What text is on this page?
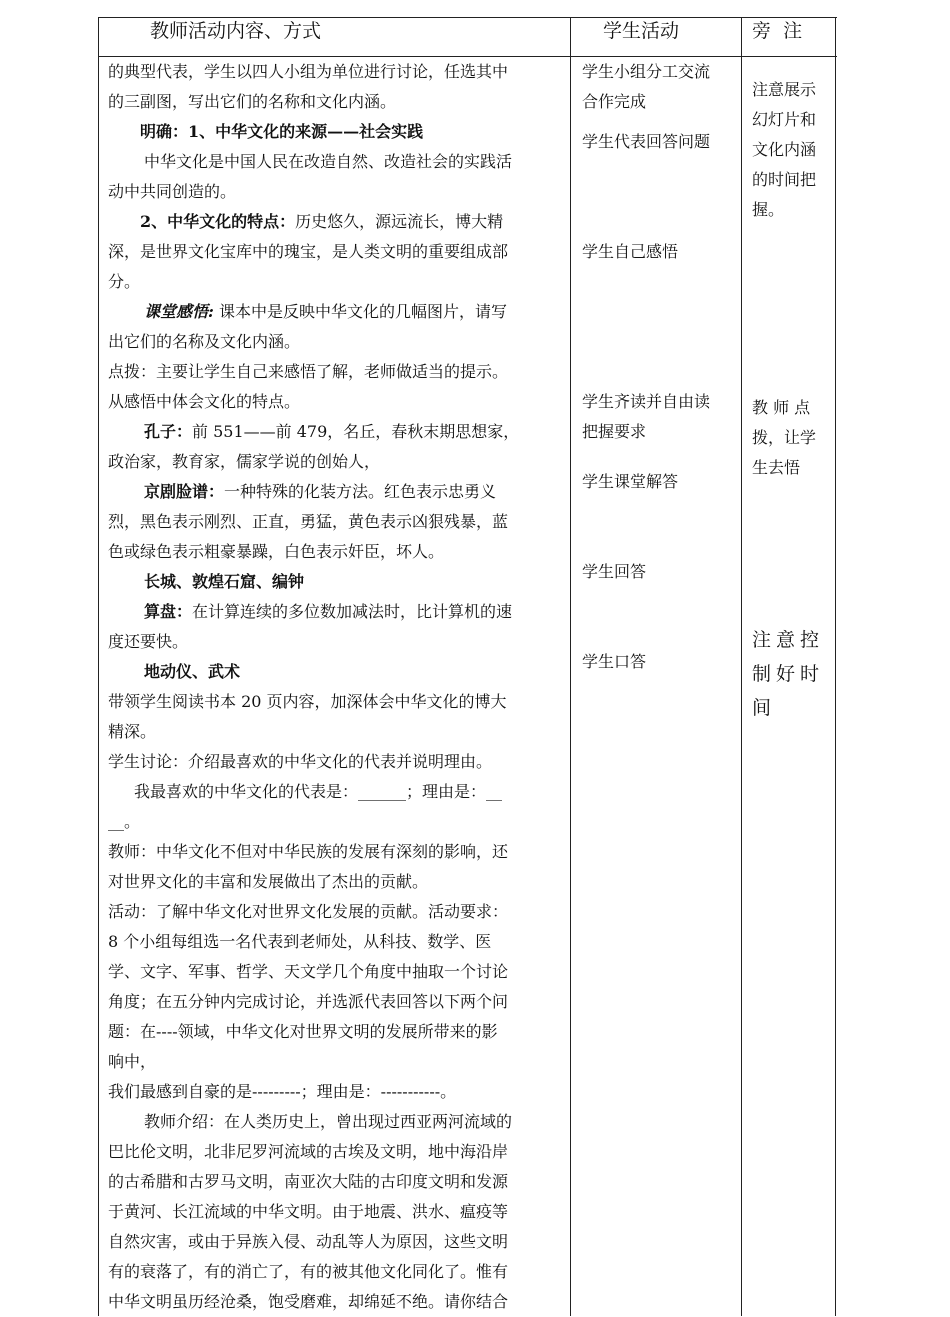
教师活动内容、方式	学生活动	旁  注

的典型代表，学生以四人小组为单位进行讨论，任选其中

的三副图，写出它们的名称和文化内涵。

明确：1、中华文化的来源——社会实践

中华文化是中国人民在改造自然、改造社会的实践活

动中共同创造的。

2、中华文化的特点：历史悠久，源远流长，博大精

深，是世界文化宝库中的瑰宝，是人类文明的重要组成部

分。

课堂感悟: 课本中是反映中华文化的几幅图片，请写

出它们的名称及文化内涵。

点拨：主要让学生自己来感悟了解，老师做适当的提示。

从感悟中体会文化的特点。

孔子：前 551——前 479，名丘，春秋末期思想家，

政治家，教育家，儒家学说的创始人，

京剧脸谱：一种特殊的化装方法。红色表示忠勇义

烈，黑色表示刚烈、正直，勇猛，黄色表示凶狠残暴，蓝

色或绿色表示粗豪暴躁，白色表示奸臣，坏人。

长城、敦煌石窟、编钟

算盘：在计算连续的多位数加减法时，比计算机的速

度还要快。

地动仪、武术

带领学生阅读书本 20 页内容，加深体会中华文化的博大

精深。

学生讨论：介绍最喜欢的中华文化的代表并说明理由。

我最喜欢的中华文化的代表是：______；理由是：__

__。

教师：中华文化不但对中华民族的发展有深刻的影响，还

对世界文化的丰富和发展做出了杰出的贡献。

活动：了解中华文化对世界文化发展的贡献。活动要求：

8 个小组每组选一名代表到老师处，从科技、数学、医

学、文字、军事、哲学、天文学几个角度中抽取一个讨论

角度；在五分钟内完成讨论，并选派代表回答以下两个问

题：在----领域，中华文化对世界文明的发展所带来的影

响中，

我们最感到自豪的是---------；理由是：-----------。

教师介绍：在人类历史上，曾出现过西亚两河流域的

巴比伦文明，北非尼罗河流域的古埃及文明，地中海沿岸

的古希腊和古罗马文明，南亚次大陆的古印度文明和发源

于黄河、长江流域的中华文明。由于地震、洪水、瘟疫等

自然灾害，或由于异族入侵、动乱等人为原因，这些文明

有的衰落了，有的消亡了，有的被其他文化同化了。惟有

中华文明虽历经沧桑，饱受磨难，却绵延不绝。请你结合

学生小组分工交流

合作完成

学生代表回答问题

学生自己感悟

学生齐读并自由读

把握要求

学生课堂解答

学生回答

学生口答

注意展示

幻灯片和

文化内涵

的时间把

握。

教 师 点

拨，让学

生去悟

注意控

制好时

间
